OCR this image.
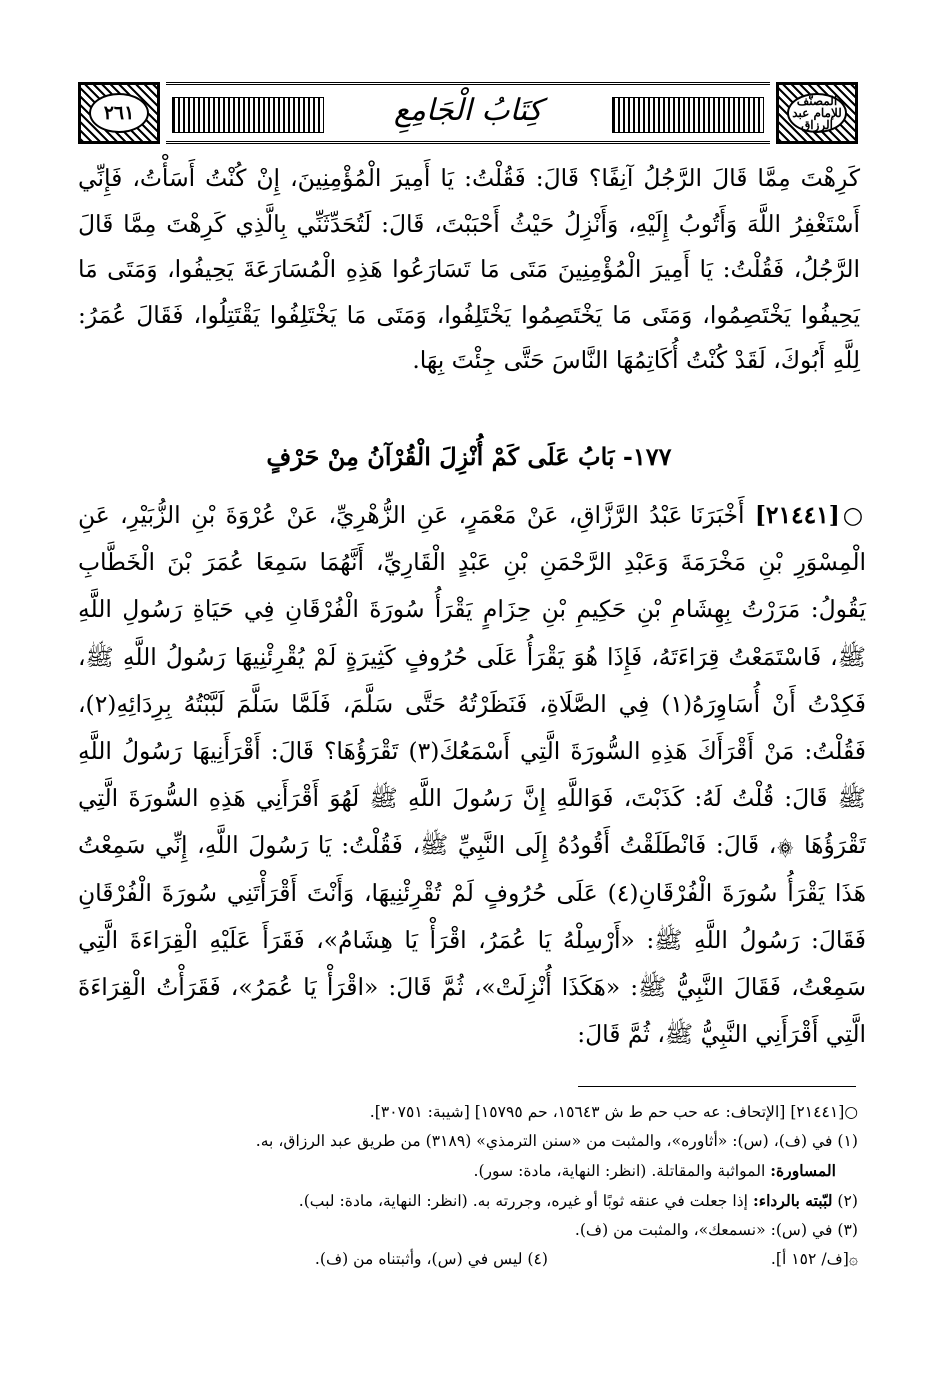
٢٦١	كِتَابُ الْجَامِعِ	المصنّف للإمام عبد الرزاق

كَرِهْتَ مِمَّا قَالَ الرَّجُلُ آنِفًا؟ قَالَ: فَقُلْتُ: يَا أَمِيرَ الْمُؤْمِنِينَ، إِنْ كُنْتُ أَسَأْتُ، فَإِنِّي أَسْتَغْفِرُ اللَّهَ وَأَتُوبُ إِلَيْهِ، وَأَنْزِلُ حَيْثُ أَحْبَبْتَ، قَالَ: لَتُحَدِّثَنِّي بِالَّذِي كَرِهْتَ مِمَّا قَالَ الرَّجُلُ، فَقُلْتُ: يَا أَمِيرَ الْمُؤْمِنِينَ مَتَى مَا تَسَارَعُوا هَذِهِ الْمُسَارَعَةَ يَحِيفُوا، وَمَتَى مَا يَحِيفُوا يَخْتَصِمُوا، وَمَتَى مَا يَخْتَصِمُوا يَخْتَلِفُوا، وَمَتَى مَا يَخْتَلِفُوا يَقْتَتِلُوا، فَقَالَ عُمَرُ: لِلَّهِ أَبُوكَ، لَقَدْ كُنْتُ أُكَاتِمُهَا النَّاسَ حَتَّى جِئْتَ بِهَا.

١٧٧- بَابُ عَلَى كَمْ أُنْزِلَ الْقُرْآنُ مِنْ حَرْفٍ

○[٢١٤٤١] أَخْبَرَنَا عَبْدُ الرَّزَّاقِ، عَنْ مَعْمَرٍ، عَنِ الزُّهْرِيِّ، عَنْ عُرْوَةَ بْنِ الزُّبَيْرِ، عَنِ الْمِسْوَرِ بْنِ مَخْرَمَةَ وَعَبْدِ الرَّحْمَنِ بْنِ عَبْدٍ الْقَارِيِّ، أَنَّهُمَا سَمِعَا عُمَرَ بْنَ الْخَطَّابِ يَقُولُ: مَرَرْتُ بِهِشَامِ بْنِ حَكِيمِ بْنِ حِزَامٍ يَقْرَأُ سُورَةَ الْفُرْقَانِ فِي حَيَاةِ رَسُولِ اللَّهِ ﷺ، فَاسْتَمَعْتُ قِرَاءَتَهُ، فَإِذَا هُوَ يَقْرَأُ عَلَى حُرُوفٍ كَثِيرَةٍ لَمْ يُقْرِئْنِيهَا رَسُولُ اللَّهِ ﷺ، فَكِدْتُ أَنْ أُسَاوِرَهُ(١) فِي الصَّلَاةِ، فَنَظَرْتُهُ حَتَّى سَلَّمَ، فَلَمَّا سَلَّمَ لَبَّبْتُهُ بِرِدَائِهِ(٢)، فَقُلْتُ: مَنْ أَقْرَأَكَ هَذِهِ السُّورَةَ الَّتِي أَسْمَعُكَ(٣) تَقْرَؤُهَا؟ قَالَ: أَقْرَأَنِيهَا رَسُولُ اللَّهِ ﷺ قَالَ: قُلْتُ لَهُ: كَذَبْتَ، فَوَاللَّهِ إِنَّ رَسُولَ اللَّهِ ﷺ لَهُوَ أَقْرَأَنِي هَذِهِ السُّورَةَ الَّتِي تَقْرَؤُهَا ۞، قَالَ: فَانْطَلَقْتُ أَقُودُهُ إِلَى النَّبِيِّ ﷺ، فَقُلْتُ: يَا رَسُولَ اللَّهِ، إِنِّي سَمِعْتُ هَذَا يَقْرَأُ سُورَةَ الْفُرْقَانِ(٤) عَلَى حُرُوفٍ لَمْ تُقْرِئْنِيهَا، وَأَنْتَ أَقْرَأْتَنِي سُورَةَ الْفُرْقَانِ فَقَالَ: رَسُولُ اللَّهِ ﷺ: «أَرْسِلْهُ يَا عُمَرُ، اقْرَأْ يَا هِشَامُ»، فَقَرَأَ عَلَيْهِ الْقِرَاءَةَ الَّتِي سَمِعْتُ، فَقَالَ النَّبِيُّ ﷺ: «هَكَذَا أُنْزِلَتْ»، ثُمَّ قَالَ: «اقْرَأْ يَا عُمَرُ»، فَقَرَأْتُ الْقِرَاءَةَ الَّتِي أَقْرَأَنِي النَّبِيُّ ﷺ، ثُمَّ قَالَ:

○[٢١٤٤١] [الإتحاف: عه حب حم ط ش ١٥٦٤٣، حم ١٥٧٩٥] [شيبة: ٣٠٧٥١].
(١) في (ف)، (س): «أثاوره»، والمثبت من «سنن الترمذي» (٣١٨٩) من طريق عبد الرزاق، به.
المساورة: المواثبة والمقاتلة. (انظر: النهاية، مادة: سور).
(٢) لبّبته بالرداء: إذا جعلت في عنقه ثوبًا أو غيره، وجررته به. (انظر: النهاية، مادة: لبب).
(٣) في (س): «نسمعك»، والمثبت من (ف).
۞[ف/ ١٥٢ أ].
(٤) ليس في (س)، وأثبتناه من (ف).
